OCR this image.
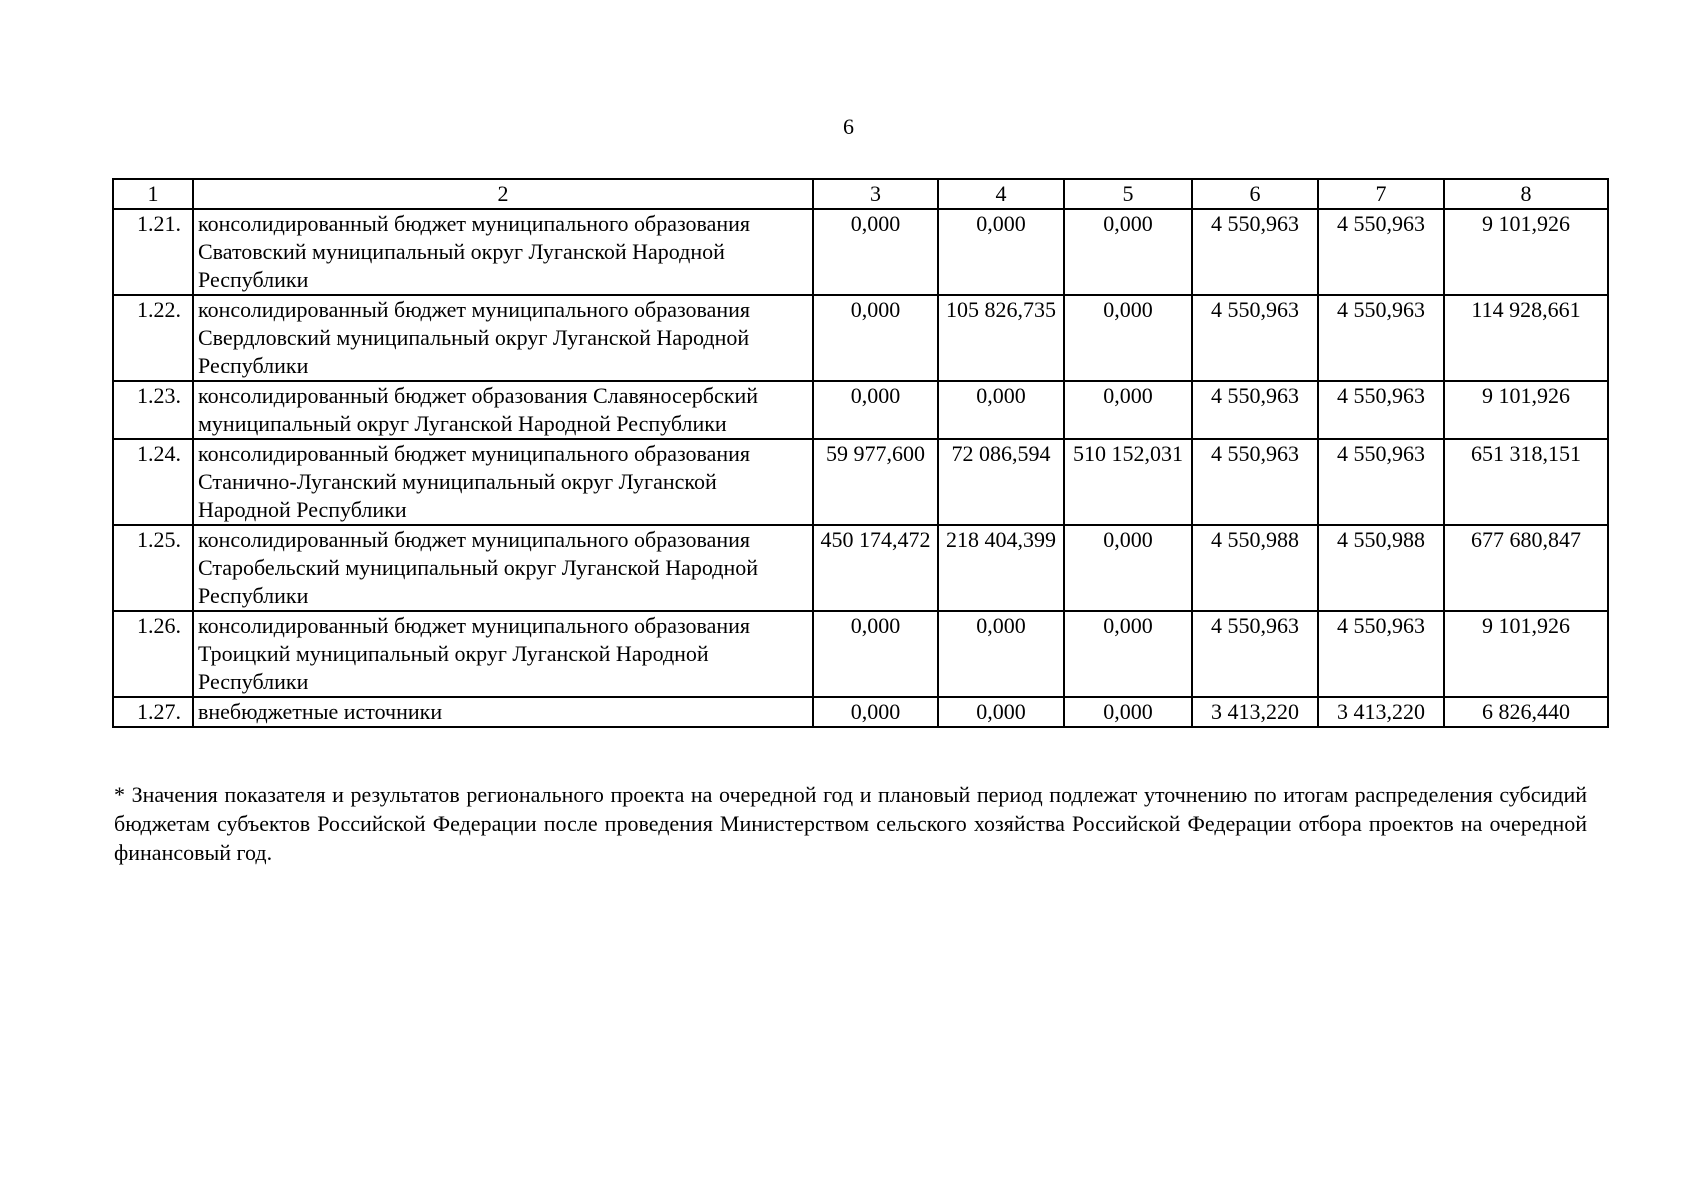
6
1	2	3	4	5	6	7	8
1.21.	консолидированный бюджет муниципального образования Сватовский муниципальный округ Луганской Народной Республики	0,000	0,000	0,000	4 550,963	4 550,963	9 101,926
1.22.	консолидированный бюджет муниципального образования Свердловский муниципальный округ Луганской Народной Республики	0,000	105 826,735	0,000	4 550,963	4 550,963	114 928,661
1.23.	консолидированный бюджет образования Славяносербский муниципальный округ Луганской Народной Республики	0,000	0,000	0,000	4 550,963	4 550,963	9 101,926
1.24.	консолидированный бюджет муниципального образования Станично-Луганский муниципальный округ Луганской Народной Республики	59 977,600	72 086,594	510 152,031	4 550,963	4 550,963	651 318,151
1.25.	консолидированный бюджет муниципального образования Старобельский муниципальный округ Луганской Народной Республики	450 174,472	218 404,399	0,000	4 550,988	4 550,988	677 680,847
1.26.	консолидированный бюджет муниципального образования Троицкий муниципальный округ Луганской Народной Республики	0,000	0,000	0,000	4 550,963	4 550,963	9 101,926
1.27.	внебюджетные источники	0,000	0,000	0,000	3 413,220	3 413,220	6 826,440
* Значения показателя и результатов регионального проекта на очередной год и плановый период подлежат уточнению по итогам распределения субсидий бюджетам субъектов Российской Федерации после проведения Министерством сельского хозяйства Российской Федерации отбора проектов на очередной финансовый год.
